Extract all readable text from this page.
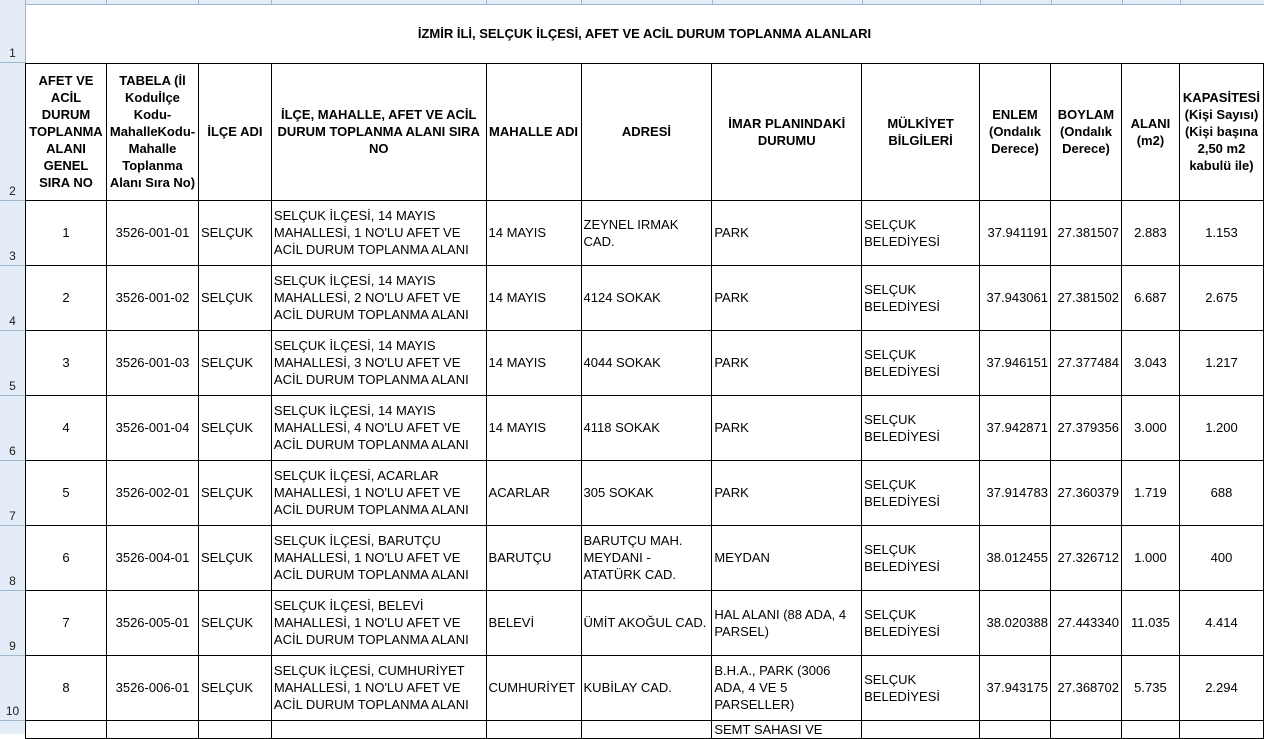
1
2
3
4
5
6
7
8
9
10
İZMİR İLİ, SELÇUK İLÇESİ, AFET VE ACİL DURUM TOPLANMA ALANLARI											
AFET VE ACİL DURUM TOPLANMA ALANI GENEL SIRA NO	TABELA (İl Koduİlçe Kodu-MahalleKodu-Mahalle Toplanma Alanı Sıra No)	İLÇE ADI	İLÇE, MAHALLE, AFET VE ACİL DURUM TOPLANMA ALANI SIRA NO	MAHALLE ADI	ADRESİ	İMAR PLANINDAKİ DURUMU	MÜLKİYET BİLGİLERİ	ENLEM (Ondalık Derece)	BOYLAM (Ondalık Derece)	ALANI (m2)	KAPASİTESİ (Kişi Sayısı) (Kişi başına 2,50 m2 kabulü ile)
1	3526-001-01	SELÇUK	SELÇUK İLÇESİ, 14 MAYIS MAHALLESİ, 1 NO'LU AFET VE ACİL DURUM TOPLANMA ALANI	14 MAYIS	ZEYNEL IRMAK CAD.	PARK	SELÇUK BELEDİYESİ	37.941191	27.381507	2.883	1.153
2	3526-001-02	SELÇUK	SELÇUK İLÇESİ, 14 MAYIS MAHALLESİ, 2 NO'LU AFET VE ACİL DURUM TOPLANMA ALANI	14 MAYIS	4124 SOKAK	PARK	SELÇUK BELEDİYESİ	37.943061	27.381502	6.687	2.675
3	3526-001-03	SELÇUK	SELÇUK İLÇESİ, 14 MAYIS MAHALLESİ, 3 NO'LU AFET VE ACİL DURUM TOPLANMA ALANI	14 MAYIS	4044 SOKAK	PARK	SELÇUK BELEDİYESİ	37.946151	27.377484	3.043	1.217
4	3526-001-04	SELÇUK	SELÇUK İLÇESİ, 14 MAYIS MAHALLESİ, 4 NO'LU AFET VE ACİL DURUM TOPLANMA ALANI	14 MAYIS	4118 SOKAK	PARK	SELÇUK BELEDİYESİ	37.942871	27.379356	3.000	1.200
5	3526-002-01	SELÇUK	SELÇUK İLÇESİ, ACARLAR MAHALLESİ, 1 NO'LU AFET VE ACİL DURUM TOPLANMA ALANI	ACARLAR	305 SOKAK	PARK	SELÇUK BELEDİYESİ	37.914783	27.360379	1.719	688
6	3526-004-01	SELÇUK	SELÇUK İLÇESİ, BARUTÇU MAHALLESİ, 1 NO'LU AFET VE ACİL DURUM TOPLANMA ALANI	BARUTÇU	BARUTÇU MAH. MEYDANI - ATATÜRK CAD.	MEYDAN	SELÇUK BELEDİYESİ	38.012455	27.326712	1.000	400
7	3526-005-01	SELÇUK	SELÇUK İLÇESİ, BELEVİ MAHALLESİ, 1 NO'LU AFET VE ACİL DURUM TOPLANMA ALANI	BELEVİ	ÜMİT AKOĞUL CAD.	HAL ALANI (88 ADA, 4 PARSEL)	SELÇUK BELEDİYESİ	38.020388	27.443340	11.035	4.414
8	3526-006-01	SELÇUK	SELÇUK İLÇESİ, CUMHURİYET MAHALLESİ, 1 NO'LU AFET VE ACİL DURUM TOPLANMA ALANI	CUMHURİYET	KUBİLAY CAD.	B.H.A., PARK (3006 ADA, 4 VE 5 PARSELLER)	SELÇUK BELEDİYESİ	37.943175	27.368702	5.735	2.294
						SEMT SAHASI VE					
